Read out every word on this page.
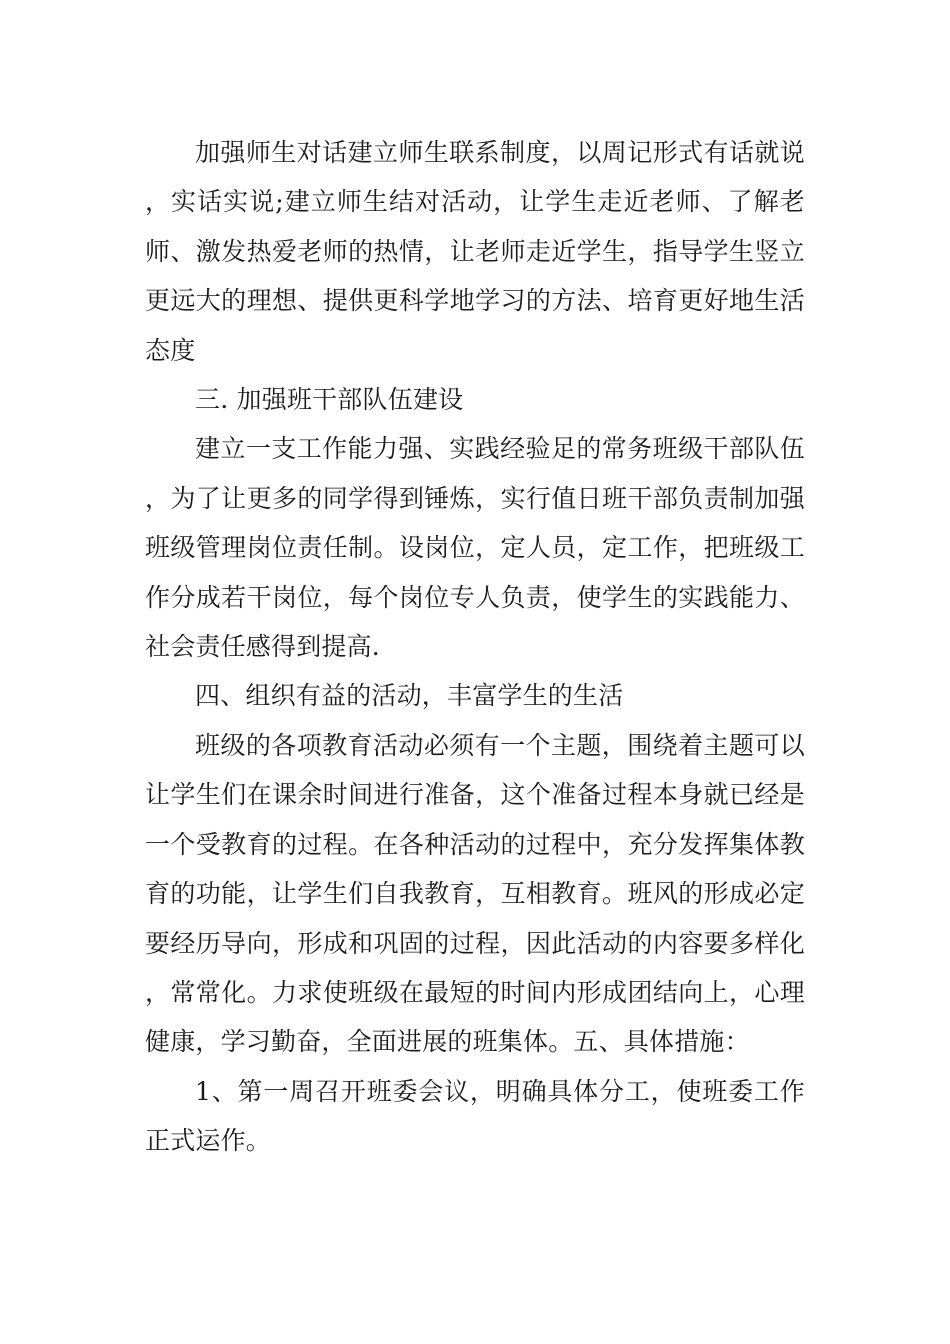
加强师生对话建立师生联系制度，以周记形式有话就说，实话实说;建立师生结对活动，让学生走近老师、了解老师、激发热爱老师的热情，让老师走近学生，指导学生竖立更远大的理想、提供更科学地学习的方法、培育更好地生活态度

三. 加强班干部队伍建设

建立一支工作能力强、实践经验足的常务班级干部队伍，为了让更多的同学得到锤炼，实行值日班干部负责制加强班级管理岗位责任制。设岗位，定人员，定工作，把班级工作分成若干岗位，每个岗位专人负责，使学生的实践能力、社会责任感得到提高.

四、组织有益的活动，丰富学生的生活

班级的各项教育活动必须有一个主题，围绕着主题可以让学生们在课余时间进行准备，这个准备过程本身就已经是一个受教育的过程。在各种活动的过程中，充分发挥集体教育的功能，让学生们自我教育，互相教育。班风的形成必定要经历导向，形成和巩固的过程，因此活动的内容要多样化，常常化。力求使班级在最短的时间内形成团结向上，心理健康，学习勤奋，全面进展的班集体。五、具体措施：

1、第一周召开班委会议，明确具体分工，使班委工作正式运作。
